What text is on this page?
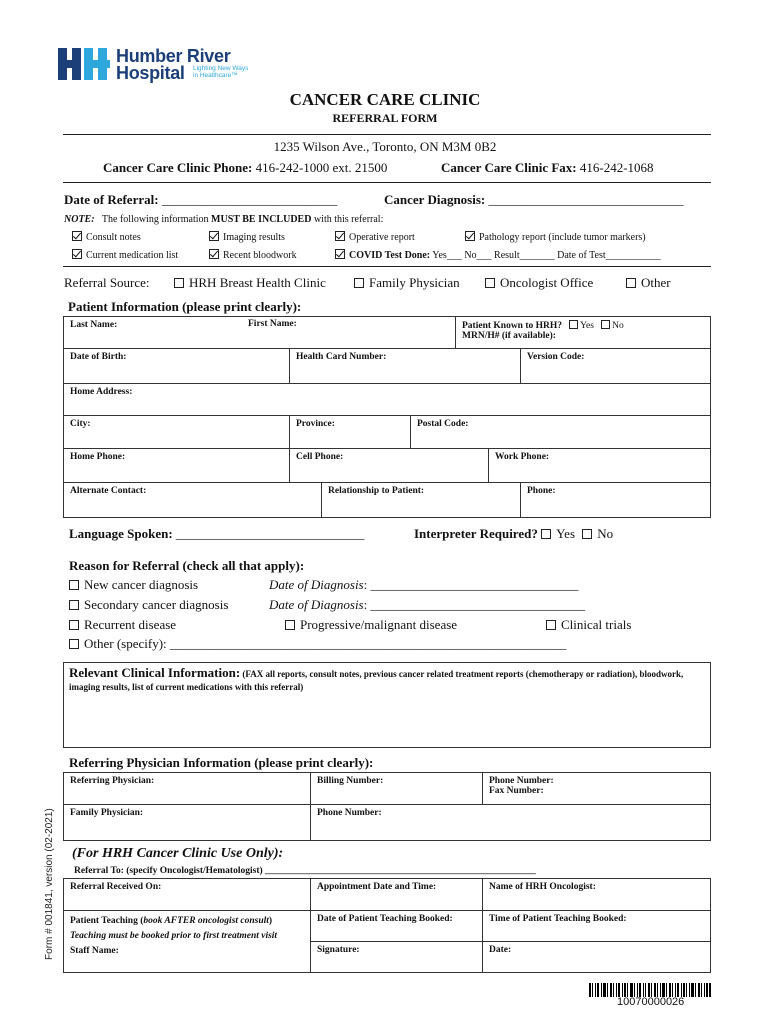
Humber River
Hospital Lighting New Ways in Healthcare™
CANCER CARE CLINIC
REFERRAL FORM
1235 Wilson Ave., Toronto, ON M3M 0B2
Cancer Care Clinic Phone: 416-242-1000 ext. 21500	Cancer Care Clinic Fax: 416-242-1068
Date of Referral: ___________________________	Cancer Diagnosis: ______________________________
NOTE: The following information MUST BE INCLUDED with this referral:
Consult notes	Imaging results	Operative report	Pathology report (include tumor markers)
Current medication list	Recent bloodwork	COVID Test Done: Yes___ No___ Result_______ Date of Test___________
Referral Source:	HRH Breast Health Clinic	Family Physician	Oncologist Office	Other
Patient Information (please print clearly):
Last Name:	First Name:	Patient Known to HRH? Yes No
MRN/H# (if available):
Date of Birth:	Health Card Number:	Version Code:
Home Address:
City:	Province:	Postal Code:
Home Phone:	Cell Phone:	Work Phone:
Alternate Contact:	Relationship to Patient:	Phone:
Language Spoken: _____________________________	Interpreter Required? Yes No
Reason for Referral (check all that apply):
New cancer diagnosis	Date of Diagnosis: ________________________________
Secondary cancer diagnosis	Date of Diagnosis: _________________________________
Recurrent disease	Progressive/malignant disease	Clinical trials
Other (specify): _____________________________________________________________
Relevant Clinical Information: (FAX all reports, consult notes, previous cancer related treatment reports (chemotherapy or radiation), bloodwork, imaging results, list of current medications with this referral)
Referring Physician Information (please print clearly):
Referring Physician:	Billing Number:	Phone Number:
Fax Number:
Family Physician:	Phone Number:
(For HRH Cancer Clinic Use Only):
Referral To: (specify Oncologist/Hematologist) _________________________________________________________
Referral Received On:	Appointment Date and Time:	Name of HRH Oncologist:
Patient Teaching (book AFTER oncologist consult)
Teaching must be booked prior to first treatment visit
Staff Name:
Date of Patient Teaching Booked:	Time of Patient Teaching Booked:
Signature:	Date:
Form # 001841, version (02-2021)
10070000026
